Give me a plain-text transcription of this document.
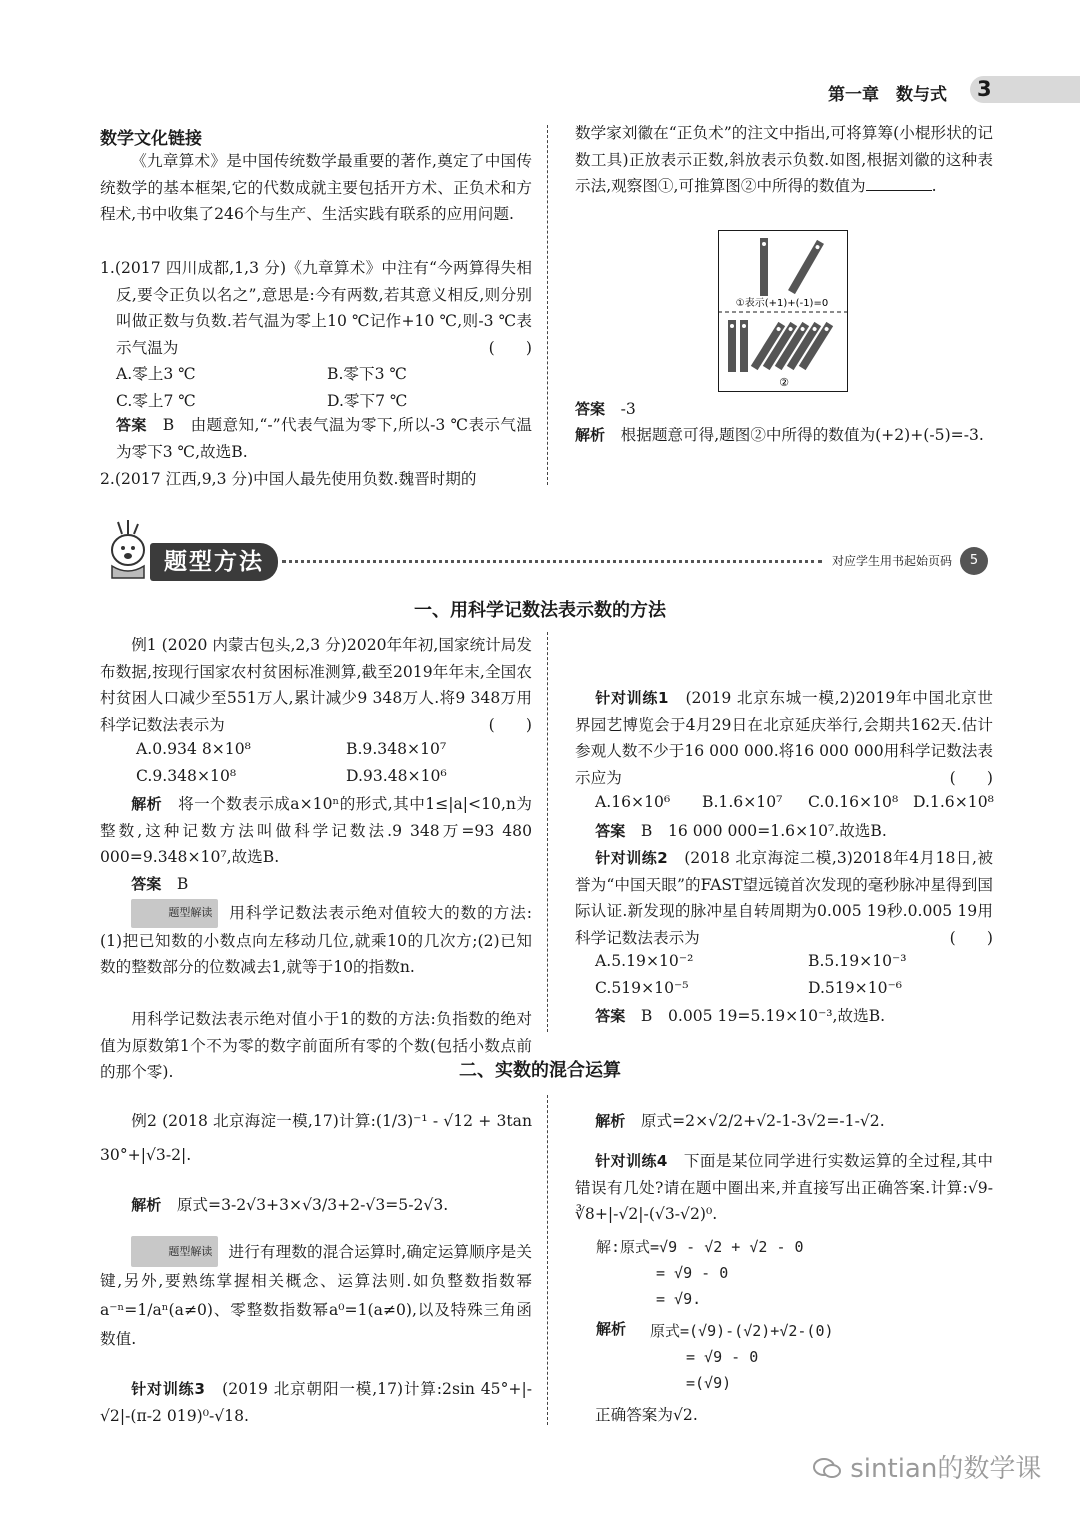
第一章　数与式 3
数学文化链接
《九章算术》是中国传统数学最重要的著作,奠定了中国传统数学的基本框架,它的代数成就主要包括开方术、正负术和方程术,书中收集了246个与生产、生活实践有联系的应用问题.
1.(2017 四川成都,1,3 分)《九章算术》中注有“今两算得失相反,要令正负以名之”,意思是:今有两数,若其意义相反,则分别叫做正数与负数.若气温为零上10 ℃记作+10 ℃,则-3 ℃表示气温为	(　　)
A.零上3 ℃	B.零下3 ℃
C.零上7 ℃	D.零下7 ℃
答案　 B　由题意知,“-”代表气温为零下,所以-3 ℃表示气温为零下3 ℃,故选B.
2.(2017 江西,9,3 分)中国人最先使用负数.魏晋时期的
数学家刘徽在“正负术”的注文中指出,可将算筹(小棍形状的记数工具)正放表示正数,斜放表示负数.如图,根据刘徽的这种表示法,观察图①,可推算图②中所得的数值为	.
①表示(+1)+(-1)=0
②
答案　 -3
解析　 根据题意可得,题图②中所得的数值为(+2)+(-5)=-3.
题型方法	对应学生用书起始页码	5
一、用科学记数法表示数的方法
例1 (2020 内蒙古包头,2,3 分)2020年年初,国家统计局发布数据,按现行国家农村贫困标准测算,截至2019年年末,全国农村贫困人口减少至551万人,累计减少9 348万人.将9 348万用科学记数法表示为	(　　)
A.0.934 8×10⁸	B.9.348×10⁷
C.9.348×10⁸	D.93.48×10⁶
解析　 将一个数表示成a×10ⁿ的形式,其中1≤|a|<10,n为整数,这种记数方法叫做科学记数法.9 348万=93 480 000=9.348×10⁷,故选B.
答案　 B
题型解读 用科学记数法表示绝对值较大的数的方法:(1)把已知数的小数点向左移动几位,就乘10的几次方;(2)已知数的整数部分的位数减去1,就等于10的指数n.
用科学记数法表示绝对值小于1的数的方法:负指数的绝对值为原数第1个不为零的数字前面所有零的个数(包括小数点前的那个零).
针对训练1　 (2019 北京东城一模,2)2019年中国北京世界园艺博览会于4月29日在北京延庆举行,会期共162天.估计参观人数不少于16 000 000.将16 000 000用科学记数法表示应为	(　　)
A.16×10⁶ B.1.6×10⁷ C.0.16×10⁸ D.1.6×10⁸
答案　 B　16 000 000=1.6×10⁷.故选B.
针对训练2　 (2018 北京海淀二模,3)2018年4月18日,被誉为“中国天眼”的FAST望远镜首次发现的毫秒脉冲星得到国际认证.新发现的脉冲星自转周期为0.005 19秒.0.005 19用科学记数法表示为	(　　)
A.5.19×10⁻²	B.5.19×10⁻³
C.519×10⁻⁵	D.519×10⁻⁶
答案　 B　0.005 19=5.19×10⁻³,故选B.
二、实数的混合运算
例2 (2018 北京海淀一模,17)计算:(1/3)⁻¹ - √12 + 3tan 30°+|√3-2|.
解析　 原式=3-2√3+3×√3/3+2-√3=5-2√3.
题型解读 进行有理数的混合运算时,确定运算顺序是关键,另外,要熟练掌握相关概念、运算法则.如负整数指数幂a⁻ⁿ=1/aⁿ(a≠0)、零整数指数幂a⁰=1(a≠0),以及特殊三角函数值.
针对训练3　 (2019 北京朝阳一模,17)计算:2sin 45°+|-√2|-(π-2 019)⁰-√18.
解析　 原式=2×√2/2+√2-1-3√2=-1-√2.
针对训练4　 下面是某位同学进行实数运算的全过程,其中错误有几处?请在题中圈出来,并直接写出正确答案.计算:√9-∛8+|-√2|-(√3-√2)⁰.
解:原式=√9 - √2 + √2 - 0
= √9 - 0
= √9.
解析 原式=(√9)-(√2)+√2-(0)
= √9 - 0
=(√9)
正确答案为√2.
sintian的数学课
